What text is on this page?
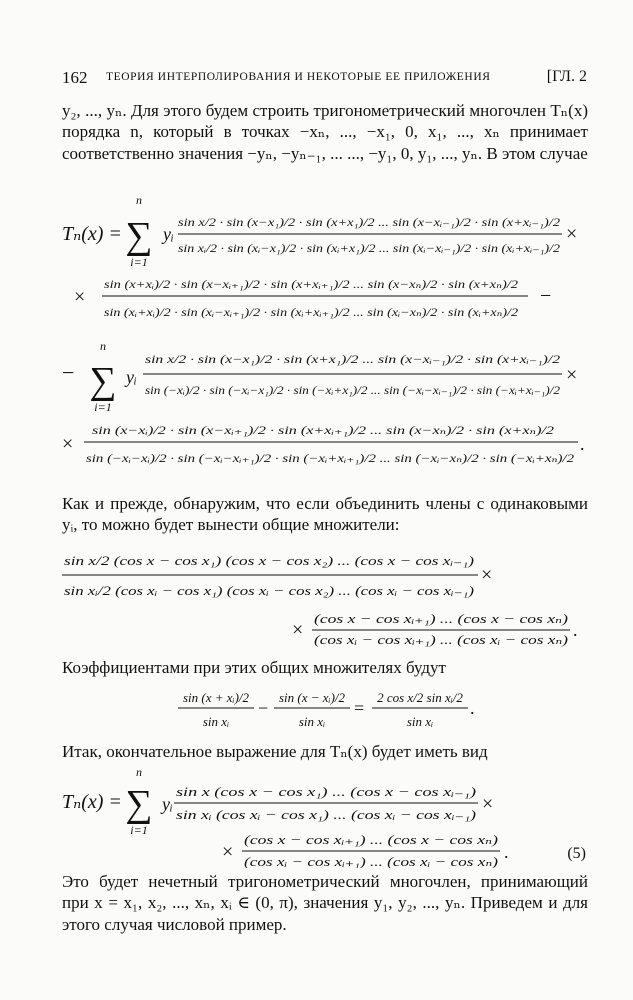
162 ТЕОРИЯ ИНТЕРПОЛИРОВАНИЯ И НЕКОТОРЫЕ ЕЕ ПРИЛОЖЕНИЯ	[ГЛ. 2

y₂, ..., yₙ. Для этого будем строить тригонометрический многочлен Tₙ(x) порядка n, который в точках −xₙ, ..., −x₁, 0, x₁, ..., xₙ принимает соответственно значения −yₙ, −yₙ₋₁, ... ..., −y₁, 0, y₁, ..., yₙ. В этом случае

Tₙ(x) =
n
∑
i=1
yᵢ
sin x/2 · sin (x−x₁)/2 · sin (x+x₁)/2 ... sin (x−xᵢ₋₁)/2 · sin (x+xᵢ₋₁)/2
sin xᵢ/2 · sin (xᵢ−x₁)/2 · sin (xᵢ+x₁)/2 ... sin (xᵢ−xᵢ₋₁)/2 · sin (xᵢ+xᵢ₋₁)/2
×
×
sin (x+xᵢ)/2 · sin (x−xᵢ₊₁)/2 · sin (x+xᵢ₊₁)/2 ... sin (x−xₙ)/2 · sin (x+xₙ)/2
sin (xᵢ+xᵢ)/2 · sin (xᵢ−xᵢ₊₁)/2 · sin (xᵢ+xᵢ₊₁)/2 ... sin (xᵢ−xₙ)/2 · sin (xᵢ+xₙ)/2
−
−
n
∑
i=1
yᵢ
sin x/2 · sin (x−x₁)/2 · sin (x+x₁)/2 ... sin (x−xᵢ₋₁)/2 · sin (x+xᵢ₋₁)/2
sin (−xᵢ)/2 · sin (−xᵢ−x₁)/2 · sin (−xᵢ+x₁)/2 ... sin (−xᵢ−xᵢ₋₁)/2 · sin (−xᵢ+xᵢ₋₁)/2
×
×
sin (x−xᵢ)/2 · sin (x−xᵢ₊₁)/2 · sin (x+xᵢ₊₁)/2 ... sin (x−xₙ)/2 · sin (x+xₙ)/2
sin (−xᵢ−xᵢ)/2 · sin (−xᵢ−xᵢ₊₁)/2 · sin (−xᵢ+xᵢ₊₁)/2 ... sin (−xᵢ−xₙ)/2 · sin (−xᵢ+xₙ)/2
.

Как и прежде, обнаружим, что если объединить члены с одинаковыми yᵢ, то можно будет вынести общие множители:

sin x/2 (cos x − cos x₁) (cos x − cos x₂) ... (cos x − cos xᵢ₋₁)
sin xᵢ/2 (cos xᵢ − cos x₁) (cos xᵢ − cos x₂) ... (cos xᵢ − cos xᵢ₋₁)
×
×
(cos x − cos xᵢ₊₁) ... (cos x − cos xₙ)
(cos xᵢ − cos xᵢ₊₁) ... (cos xᵢ − cos xₙ) .

Коэффициентами при этих общих множителях будут

sin (x + xᵢ)/2
sin xᵢ
−
sin (x − xᵢ)/2
sin xᵢ
=
2 cos x/2 sin xᵢ/2
sin xᵢ
.

Итак, окончательное выражение для Tₙ(x) будет иметь вид

Tₙ(x) =
n
∑
i=1
yᵢ
sin x (cos x − cos x₁) ... (cos x − cos xᵢ₋₁)
sin xᵢ (cos xᵢ − cos x₁) ... (cos xᵢ − cos xᵢ₋₁) ×
×
(cos x − cos xᵢ₊₁) ... (cos x − cos xₙ)
(cos xᵢ − cos xᵢ₊₁) ... (cos xᵢ − cos xₙ) .	(5)

Это будет нечетный тригонометрический многочлен, принимающий при x = x₁, x₂, ..., xₙ, xᵢ ∈ (0, π), значения y₁, y₂, ..., yₙ. Приведем и для этого случая числовой пример.
